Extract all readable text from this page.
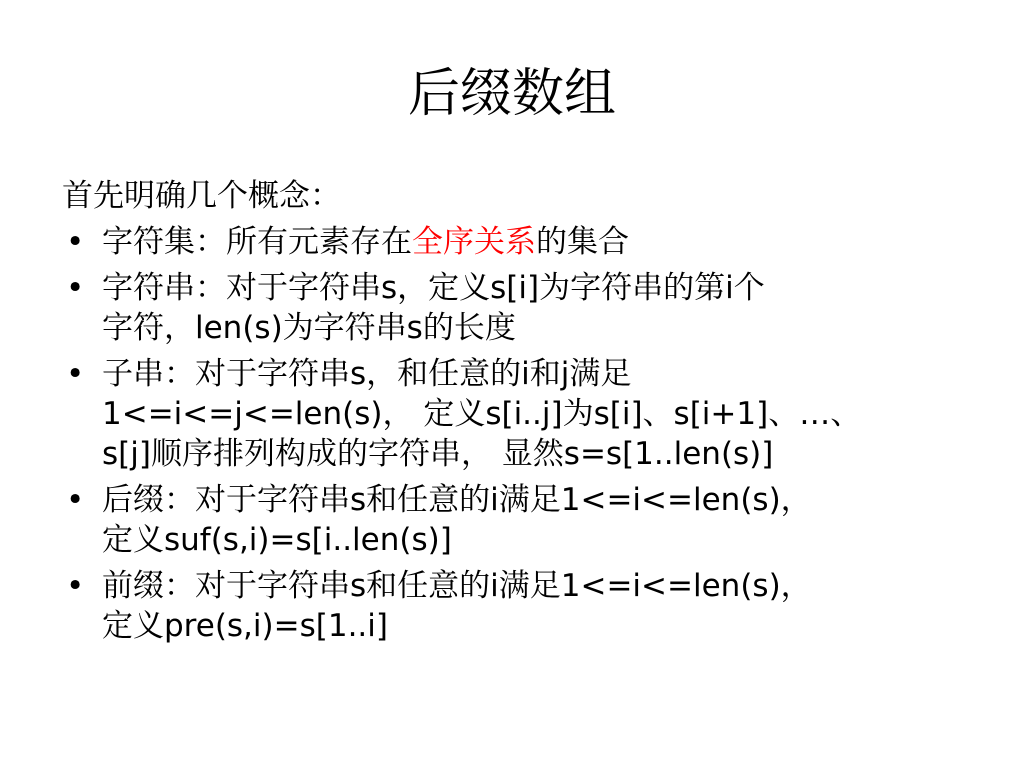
后缀数组
首先明确几个概念：
• 字符集：所有元素存在全序关系的集合
• 字符串：对于字符串s，定义s[i]为字符串的第i个
字符，len(s)为字符串s的长度
• 子串：对于字符串s，和任意的i和j满足
1<=i<=j<=len(s)， 定义s[i..j]为s[i]、s[i+1]、…、
s[j]顺序排列构成的字符串， 显然s=s[1..len(s)]
• 后缀：对于字符串s和任意的i满足1<=i<=len(s)，
定义suf(s,i)=s[i..len(s)]
• 前缀：对于字符串s和任意的i满足1<=i<=len(s)，
定义pre(s,i)=s[1..i]
